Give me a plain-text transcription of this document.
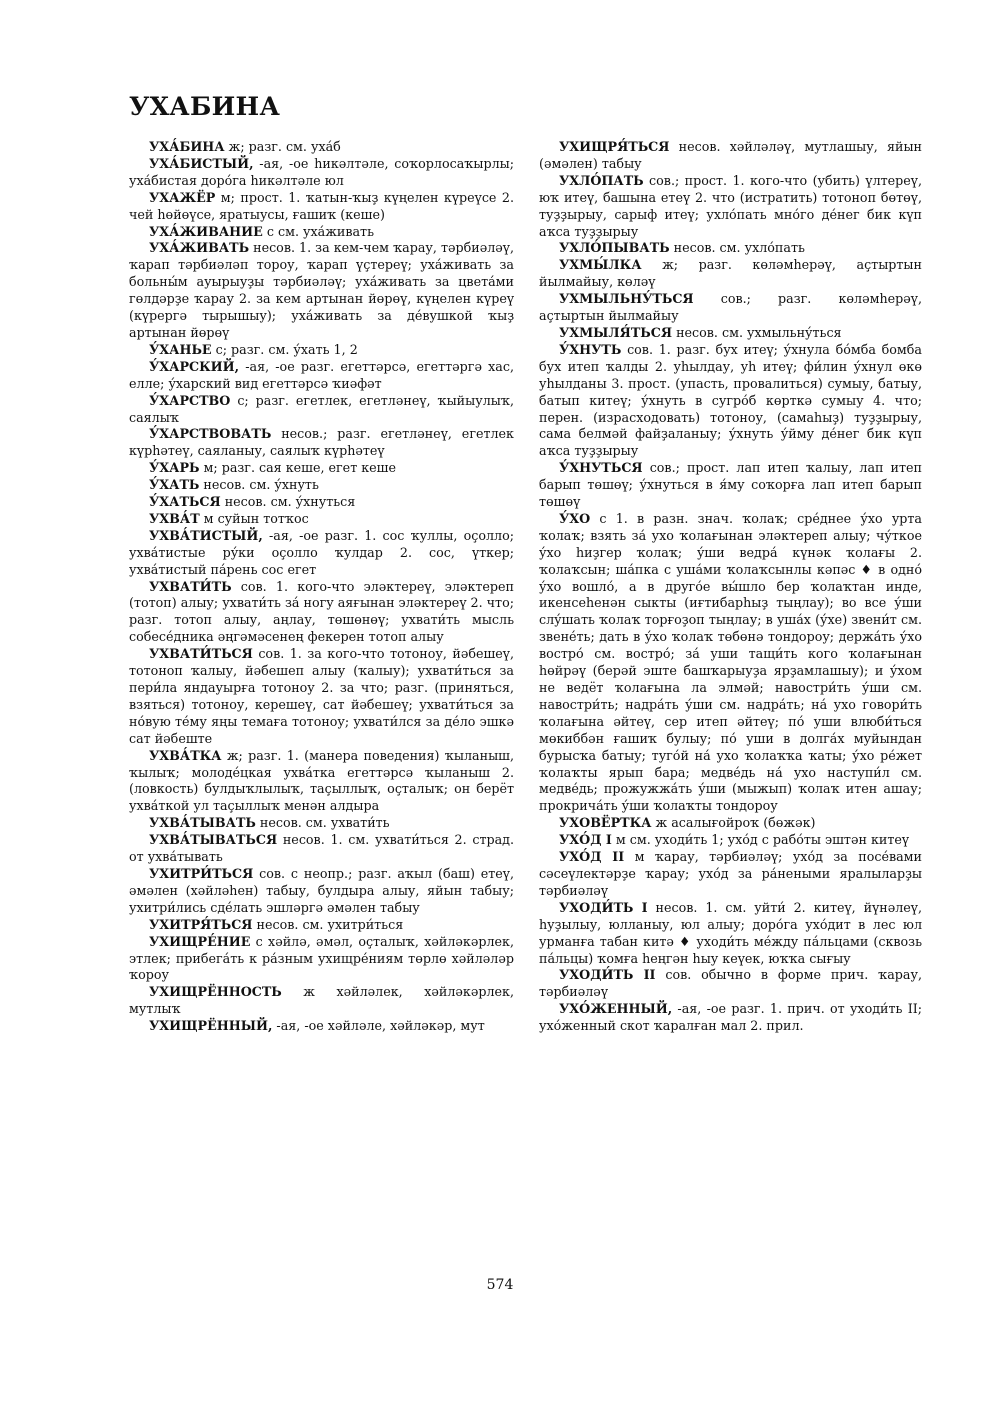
УХАБИНА

УХА́БИНА ж; разг. см. уха́б

УХА́БИСТЫЙ, -ая, -ое һикәлтәле, соҡорлосаҡырлы; уха́бистая доро́га һикәлтәле юл

УХАЖЁР м; прост. 1. ҡатын-ҡыҙ күңелен күреүсе 2. чей һөйөүсе, яратыусы, ғашиҡ (кеше)

УХА́ЖИВАНИЕ с см. уха́живать

УХА́ЖИВАТЬ несов. 1. за кем-чем ҡарау, тәрбиәләү, ҡарап тәрбиәләп тороу, ҡарап үҫтереү; уха́живать за больны́м ауырыуҙы тәрбиәләү; уха́живать за цвета́ми гөлдәрҙе ҡарау 2. за кем артынан йөрөү, күңелен күреү (күрергә тырышыу); уха́живать за де́вушкой ҡыҙ артынан йөрөү

У́ХАНЬЕ с; разг. см. у́хать 1, 2

У́ХАРСКИЙ, -ая, -ое разг. егеттәрсә, егеттәргә хас, елле; у́харский вид егеттәрсә ҡиәфәт

У́ХАРСТВО с; разг. егетлек, егетләнеү, ҡыйыулыҡ, саялыҡ

У́ХАРСТВОВАТЬ несов.; разг. егетләнеү, егетлек күрһәтеү, саяланыу, саялыҡ күрһәтеү

У́ХАРЬ м; разг. сая кеше, егет кеше

У́ХАТЬ несов. см. у́хнуть

У́ХАТЬСЯ несов. см. у́хнуться

УХВА́Т м суйын тотҡос

УХВА́ТИСТЫЙ, -ая, -ое разг. 1. сос ҡуллы, оҫолло; ухва́тистые ру́ки оҫолло ҡулдар 2. сос, үткер; ухва́тистый па́рень сос егет

УХВАТИ́ТЬ сов. 1. кого-что эләктереү, эләктереп (тотоп) алыу; ухвати́ть за́ ногу аяғынан эләктереү 2. что; разг. тотоп алыу, аңлау, төшөнөү; ухвати́ть мысль собесе́дника әңгәмәсенең фекерен тотоп алыу

УХВАТИ́ТЬСЯ сов. 1. за кого-что тотоноу, йәбешеү, тотоноп ҡалыу, йәбешеп алыу (ҡалыу); ухвати́ться за пери́ла яндауырға тотоноу 2. за что; разг. (приняться, взяться) тотоноу, керешеү, сат йәбешеү; ухвати́ться за но́вую те́му яңы темаға тотоноу; ухвати́лся за де́ло эшкә сат йәбеште

УХВА́ТКА ж; разг. 1. (манера поведения) ҡыланыш, ҡылыҡ; молоде́цкая ухва́тка егеттәрсә ҡыланыш 2. (ловкость) булдыҡлылыҡ, таҫыллыҡ, оҫталыҡ; он берёт ухва́ткой ул таҫыллыҡ менән алдыра

УХВА́ТЫВАТЬ несов. см. ухвати́ть

УХВА́ТЫВАТЬСЯ несов. 1. см. ухвати́ться 2. страд. от ухва́тывать

УХИТРИ́ТЬСЯ сов. с неопр.; разг. аҡыл (баш) етеү, әмәлен (хәйләһен) табыу, булдыра алыу, яйын табыу; ухитри́лись сде́лать эшләргә әмәлен табыу

УХИТРЯ́ТЬСЯ несов. см. ухитри́ться

УХИЩРЕ́НИЕ с хәйлә, әмәл, оҫталыҡ, хәйләкәрлек, этлек; прибега́ть к ра́зным ухищре́ниям төрлө хәйләләр ҡороу

УХИЩРЁННОСТЬ ж хәйләлек, хәйләкәрлек, мутлыҡ

УХИЩРЁННЫЙ, -ая, -ое хәйләле, хәйләкәр, мут

УХИЩРЯ́ТЬСЯ несов. хәйләләү, мутлашыу, яйын (әмәлен) табыу

УХЛО́ПАТЬ сов.; прост. 1. кого-что (убить) үлтереү, юҡ итеү, башына етеү 2. что (истратить) тотоноп бөтөү, туҙҙырыу, сарыф итеү; ухло́пать мно́го де́нег бик күп аҡса туҙҙырыу

УХЛО́ПЫВАТЬ несов. см. ухло́пать

УХМЫ́ЛКА ж; разг. көләмһерәү, аҫтыртын йылмайыу, көләү

УХМЫЛЬНУ́ТЬСЯ сов.; разг. көләмһерәү, аҫтыртын йылмайыу

УХМЫЛЯ́ТЬСЯ несов. см. ухмыльну́ться

У́ХНУТЬ сов. 1. разг. бух итеү; у́хнула бо́мба бомба бух итеп ҡалды 2. уһылдау, уһ итеү; фи́лин у́хнул өкө уһылданы 3. прост. (упасть, провалиться) сумыу, батыу, батып китеү; у́хнуть в сугро́б көрткә сумыу 4. что; перен. (израсходовать) тотоноу, (самаһыҙ) туҙҙырыу, сама белмәй файҙаланыу; у́хнуть у́йму де́нег бик күп аҡса туҙҙырыу

У́ХНУТЬСЯ сов.; прост. лап итеп ҡалыу, лап итеп барып төшөү; у́хнуться в я́му соҡорға лап итеп барып төшөү

У́ХО с 1. в разн. знач. ҡолаҡ; сре́днее у́хо урта ҡолаҡ; взять за́ ухо ҡолағынан эләктереп алыу; чу́ткое у́хо һиҙгер ҡолаҡ; у́ши ведра́ күнәк ҡолағы 2. ҡолаҡсын; ша́пка с уша́ми ҡолаҡсынлы кәпәс ♦ в одно́ у́хо вошло́, а в друго́е вы́шло бер ҡолаҡтан инде, икенсеһенән сыкты (иғтибарһыҙ тыңлау); во все у́ши слу́шать ҡолаҡ торғоҙоп тыңлау; в уша́х (у́хе) звени́т см. звене́ть; дать в у́хо ҡолаҡ төбөнә тондороу; держа́ть у́хо востро́ см. востро́; за́ уши тащи́ть кого ҡолағынан һөйрәү (берәй эште башҡарыуҙа ярҙамлашыу); и у́хом не ведёт ҡолағына ла элмәй; навостри́ть у́ши см. навостри́ть; надра́ть у́ши см. надра́ть; на́ ухо говори́ть ҡолағына әйтеү, сер итеп әйтеү; по́ уши влюби́ться мөкиббән ғашиҡ булыу; по́ уши в долга́х муйындан бурысҡа батыу; туго́й на́ ухо ҡолаҡҡа ҡаты; у́хо ре́жет ҡолаҡты ярып бара; медве́дь на́ ухо наступи́л см. медве́дь; прожужжа́ть у́ши (мыжып) ҡолаҡ итен ашау; прокрича́ть у́ши ҡолаҡты тондороу

УХОВЁРТКА ж асалығойроҡ (бөжәк)

УХО́Д I м см. уходи́ть 1; ухо́д с рабо́ты эштән китеү

УХО́Д II м ҡарау, тәрбиәләү; ухо́д за посе́вами сәсеүлектәрҙе ҡарау; ухо́д за ра́неными яралыларҙы тәрбиәләү

УХОДИ́ТЬ I несов. 1. см. уйти́ 2. китеү, йүнәлеү, һуҙылыу, юлланыу, юл алыу; доро́га ухо́дит в лес юл урманға табан китә ♦ уходи́ть ме́жду па́льцами (сквозь па́льцы) ҡомға һеңгән һыу кеүек, юҡҡа сығыу

УХОДИ́ТЬ II сов. обычно в форме прич. ҡарау, тәрбиәләү

УХО́ЖЕННЫЙ, -ая, -ое разг. 1. прич. от уходи́ть II; ухо́женный скот ҡаралған мал 2. прил.

574
